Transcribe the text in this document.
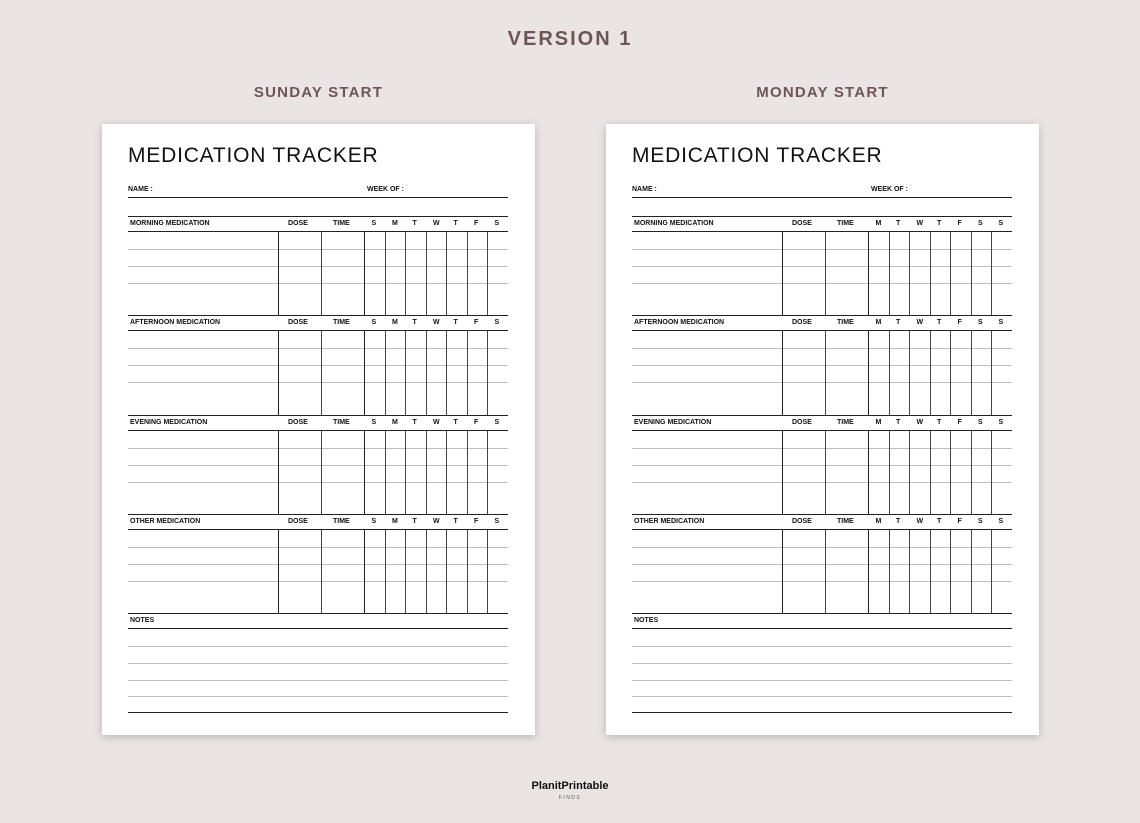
VERSION 1
SUNDAY START
MEDICATION TRACKER
NAME :	WEEK OF :
MORNING MEDICATION	DOSE	TIME	S M T W T F S
AFTERNOON MEDICATION	DOSE	TIME	S M T W T F S
EVENING MEDICATION	DOSE	TIME	S M T W T F S
OTHER MEDICATION	DOSE	TIME	S M T W T F S
NOTES
MONDAY START
MEDICATION TRACKER
NAME :	WEEK OF :
MORNING MEDICATION	DOSE	TIME	M T W T F S S
AFTERNOON MEDICATION	DOSE	TIME	M T W T F S S
EVENING MEDICATION	DOSE	TIME	M T W T F S S
OTHER MEDICATION	DOSE	TIME	M T W T F S S
NOTES
PlanitPrintable
FINDS
